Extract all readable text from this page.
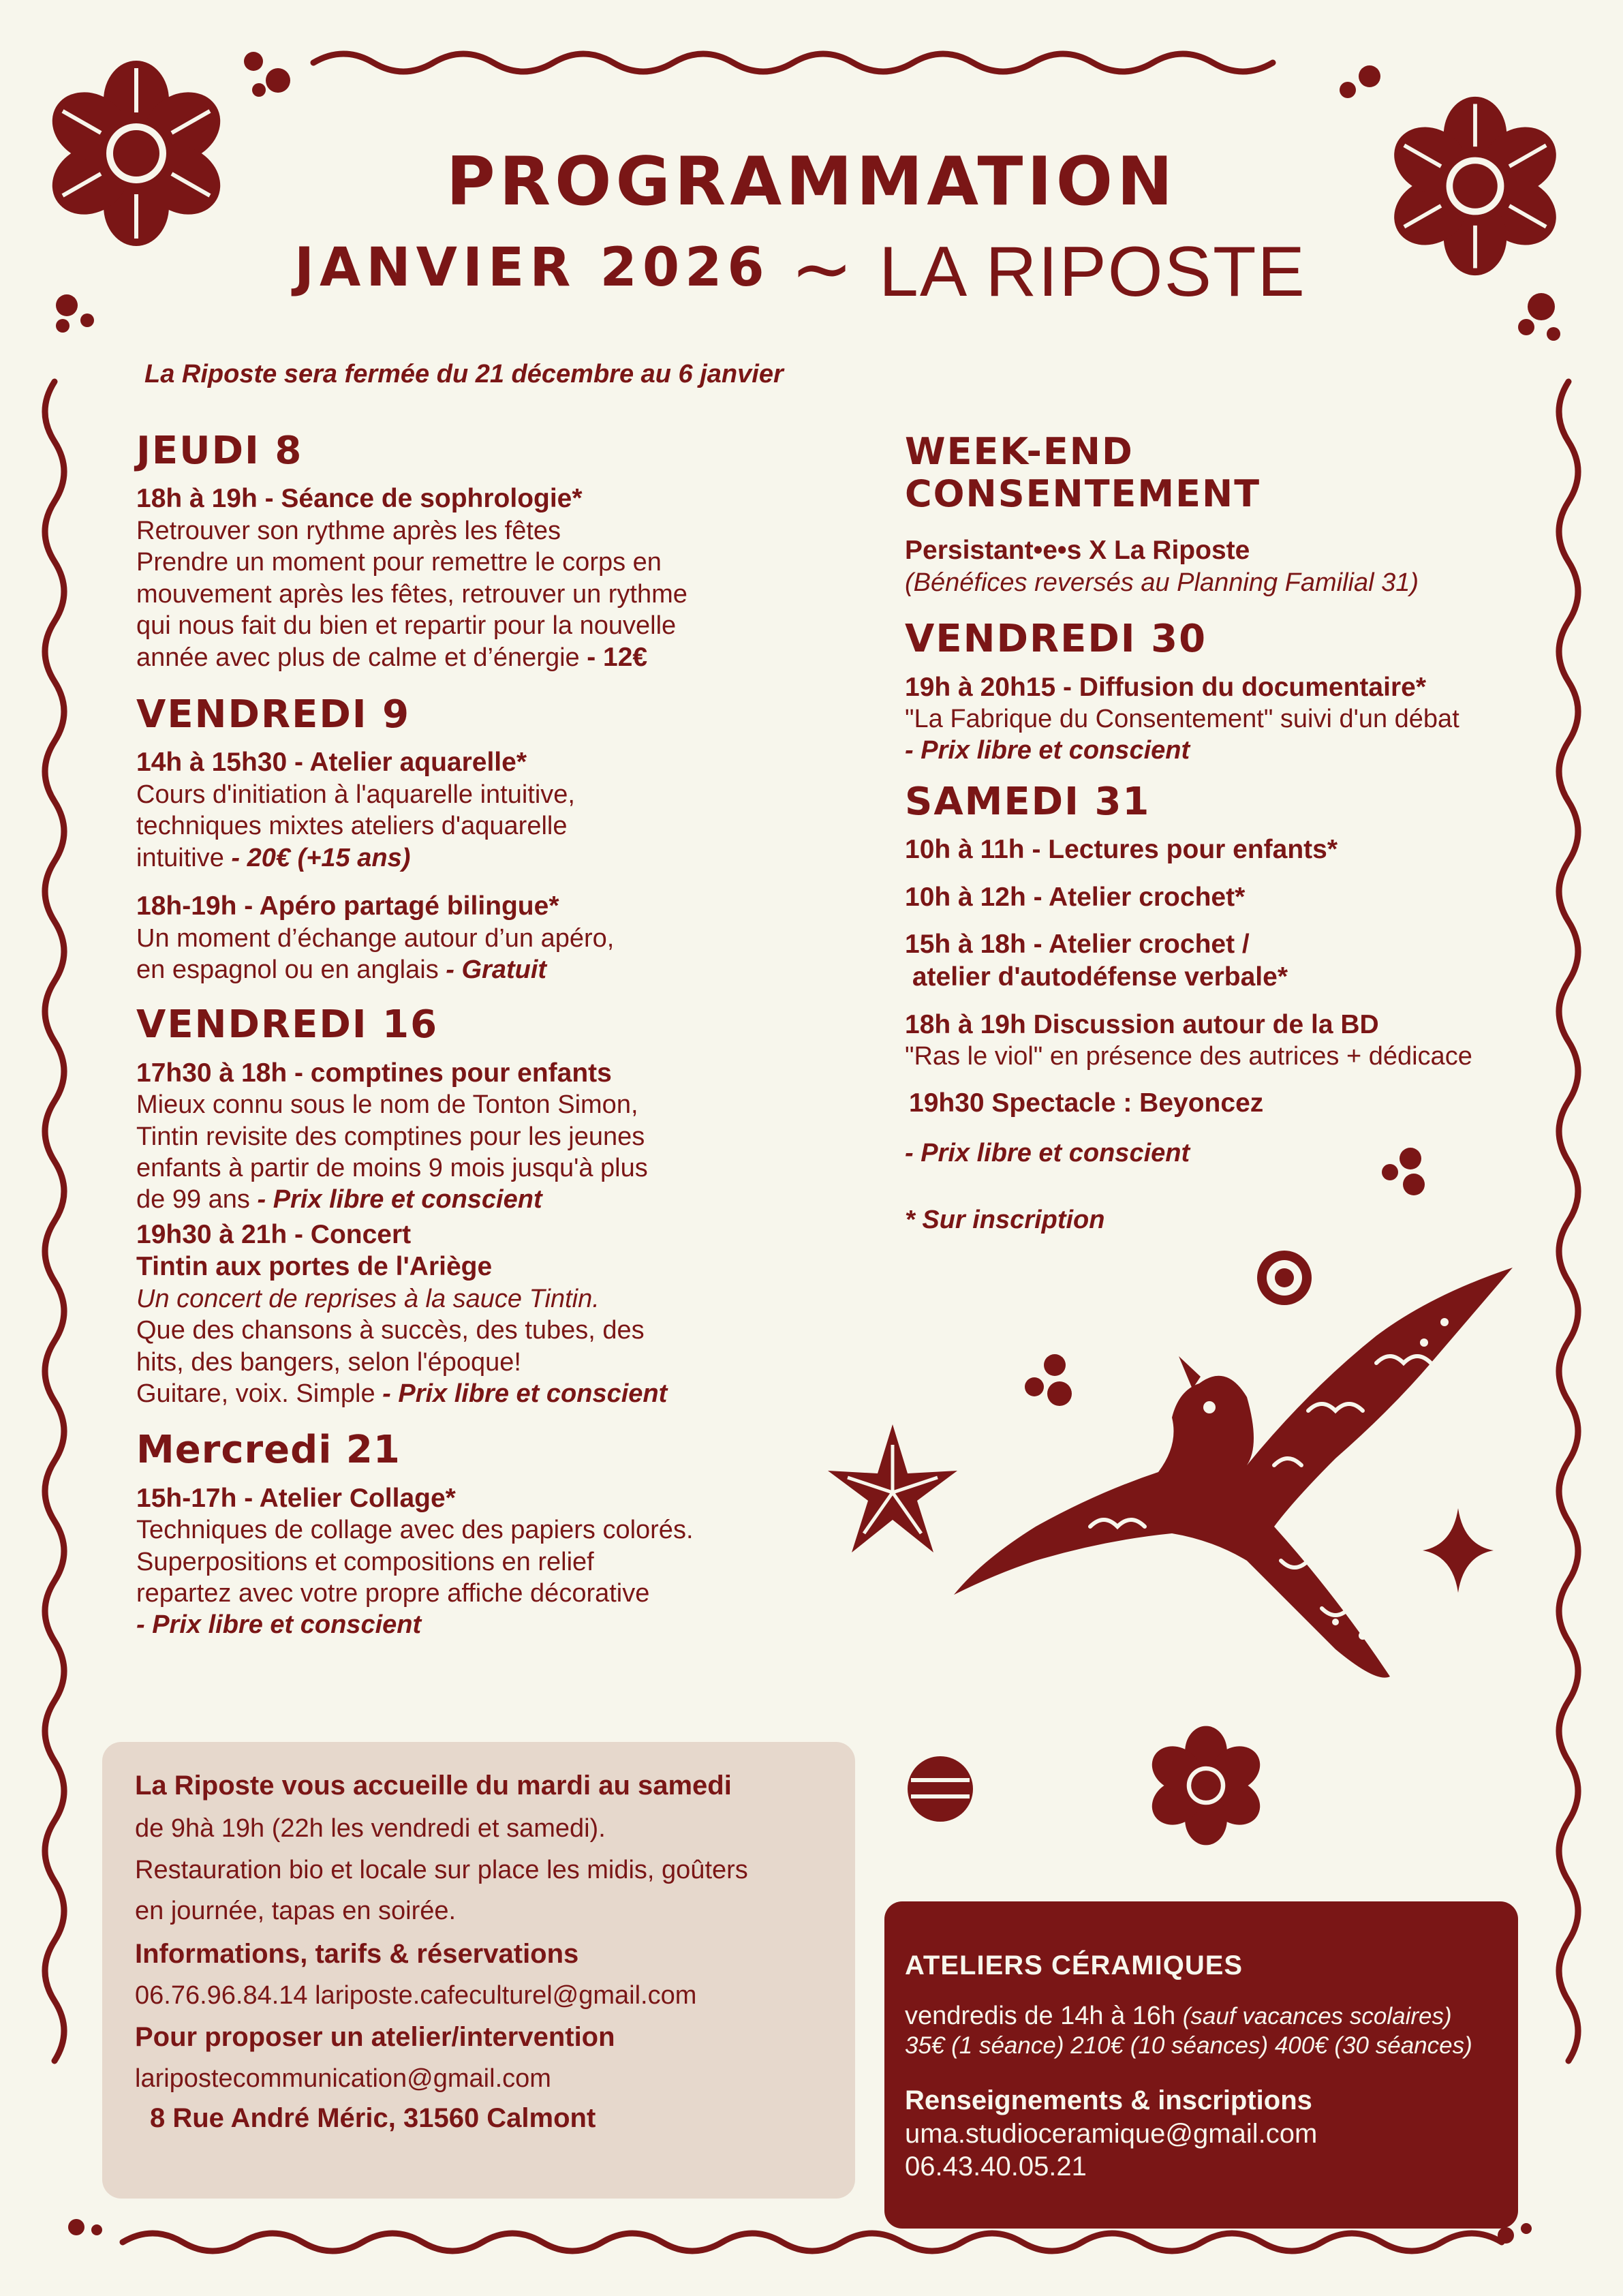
PROGRAMMATION
JANVIER 2026 ~ LA RIPOSTE
La Riposte sera fermée du 21 décembre au 6 janvier
JEUDI 8
18h à 19h - Séance de sophrologie*
Retrouver son rythme après les fêtes
Prendre un moment pour remettre le corps en
mouvement après les fêtes, retrouver un rythme
qui nous fait du bien et repartir pour la nouvelle
année avec plus de calme et d’énergie - 12€
VENDREDI 9
14h à 15h30 - Atelier aquarelle*
Cours d'initiation à l'aquarelle intuitive,
techniques mixtes ateliers d'aquarelle
intuitive - 20€ (+15 ans)
18h-19h - Apéro partagé bilingue*
Un moment d’échange autour d’un apéro,
en espagnol ou en anglais - Gratuit
VENDREDI 16
17h30 à 18h - comptines pour enfants
Mieux connu sous le nom de Tonton Simon,
Tintin revisite des comptines pour les jeunes
enfants à partir de moins 9 mois jusqu'à plus
de 99 ans - Prix libre et conscient
19h30 à 21h - Concert
Tintin aux portes de l'Ariège
Un concert de reprises à la sauce Tintin.
Que des chansons à succès, des tubes, des
hits, des bangers, selon l'époque!
Guitare, voix. Simple - Prix libre et conscient
Mercredi 21
15h-17h - Atelier Collage*
Techniques de collage avec des papiers colorés.
Superpositions et compositions en relief
repartez avec votre propre affiche décorative
- Prix libre et conscient
WEEK-END
CONSENTEMENT
Persistant•e•s X La Riposte
(Bénéfices reversés au Planning Familial 31)
VENDREDI 30
19h à 20h15 - Diffusion du documentaire*
"La Fabrique du Consentement" suivi d'un débat
- Prix libre et conscient
SAMEDI 31
10h à 11h - Lectures pour enfants*
10h à 12h - Atelier crochet*
15h à 18h - Atelier crochet /
atelier d'autodéfense verbale*
18h à 19h Discussion autour de la BD
"Ras le viol" en présence des autrices + dédicace
19h30 Spectacle : Beyoncez
- Prix libre et conscient
* Sur inscription
La Riposte vous accueille du mardi au samedi
de 9hà 19h (22h les vendredi et samedi).
Restauration bio et locale sur place les midis, goûters
en journée, tapas en soirée.
Informations, tarifs & réservations
06.76.96.84.14 lariposte.cafeculturel@gmail.com
Pour proposer un atelier/intervention
lariposteсommunication@gmail.com
8 Rue André Méric, 31560 Calmont
ATELIERS CÉRAMIQUES
vendredis de 14h à 16h (sauf vacances scolaires)
35€ (1 séance) 210€ (10 séances) 400€ (30 séances)
Renseignements & inscriptions
uma.studioceramique@gmail.com
06.43.40.05.21
